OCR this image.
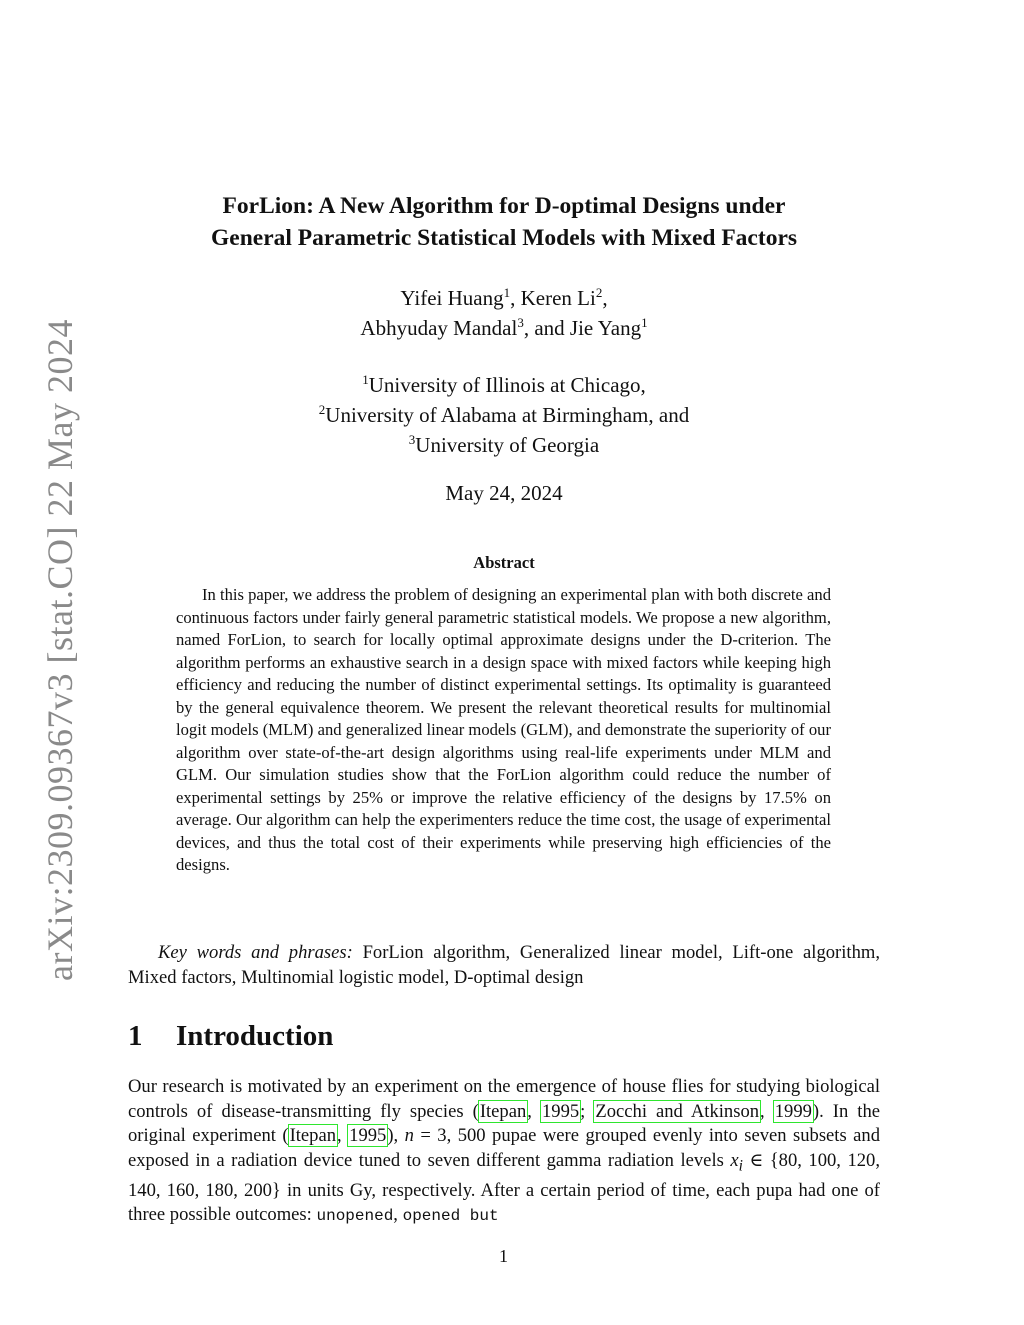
arXiv:2309.09367v3 [stat.CO] 22 May 2024
ForLion: A New Algorithm for D-optimal Designs under
General Parametric Statistical Models with Mixed Factors
Yifei Huang$^1$, Keren Li$^2$,
Abhyuday Mandal$^3$, and Jie Yang$^1$
$^1$University of Illinois at Chicago,
$^2$University of Alabama at Birmingham, and
$^3$University of Georgia
May 24, 2024
Abstract
In this paper, we address the problem of designing an experimental plan with both discrete and continuous factors under fairly general parametric statistical models. We propose a new algorithm, named ForLion, to search for locally optimal approximate designs under the D-criterion. The algorithm performs an exhaustive search in a design space with mixed factors while keeping high efficiency and reducing the number of distinct experimental settings. Its optimality is guaranteed by the general equivalence theorem. We present the relevant theoretical results for multinomial logit models (MLM) and generalized linear models (GLM), and demonstrate the superiority of our algorithm over state-of-the-art design algorithms using real-life experiments under MLM and GLM. Our simulation studies show that the ForLion algorithm could reduce the number of experimental settings by 25% or improve the relative efficiency of the designs by 17.5% on average. Our algorithm can help the experimenters reduce the time cost, the usage of experimental devices, and thus the total cost of their experiments while preserving high efficiencies of the designs.
Key words and phrases: ForLion algorithm, Generalized linear model, Lift-one algorithm, Mixed factors, Multinomial logistic model, D-optimal design
1 Introduction
Our research is motivated by an experiment on the emergence of house flies for studying biological controls of disease-transmitting fly species (Itepan, 1995; Zocchi and Atkinson, 1999). In the original experiment (Itepan, 1995), n = 3, 500 pupae were grouped evenly into seven subsets and exposed in a radiation device tuned to seven different gamma radiation levels $x_i$ ∈ {80, 100, 120, 140, 160, 180, 200} in units Gy, respectively. After a certain period of time, each pupa had one of three possible outcomes: unopened, opened but
1
